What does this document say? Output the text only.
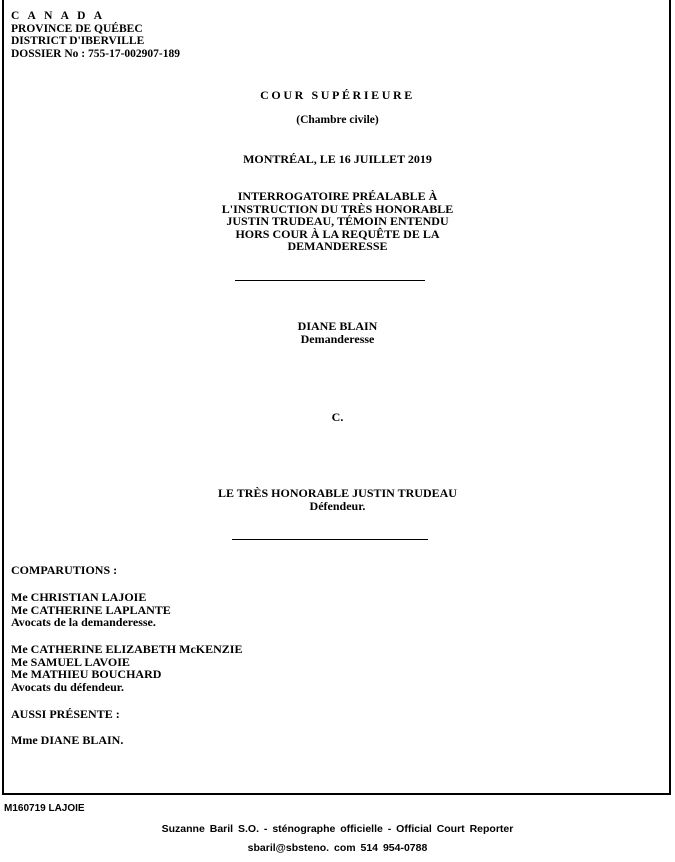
C A N A D A
PROVINCE DE QUÉBEC
DISTRICT D'IBERVILLE
DOSSIER No : 755-17-002907-189
COUR SUPÉRIEURE
(Chambre civile)
MONTRÉAL, LE 16 JUILLET 2019
INTERROGATOIRE PRÉALABLE À
L'INSTRUCTION DU TRÈS HONORABLE
JUSTIN TRUDEAU, TÉMOIN ENTENDU
HORS COUR À LA REQUÊTE DE LA
DEMANDERESSE
DIANE BLAIN
Demanderesse
C.
LE TRÈS HONORABLE JUSTIN TRUDEAU
Défendeur.
COMPARUTIONS :
Me CHRISTIAN LAJOIE
Me CATHERINE LAPLANTE
Avocats de la demanderesse.
Me CATHERINE ELIZABETH McKENZIE
Me SAMUEL LAVOIE
Me MATHIEU BOUCHARD
Avocats du défendeur.
AUSSI PRÉSENTE :
Mme DIANE BLAIN.
M160719 LAJOIE
Suzanne Baril S.O. - sténographe officielle - Official Court Reporter
sbaril@sbsteno. com 514 954-0788
